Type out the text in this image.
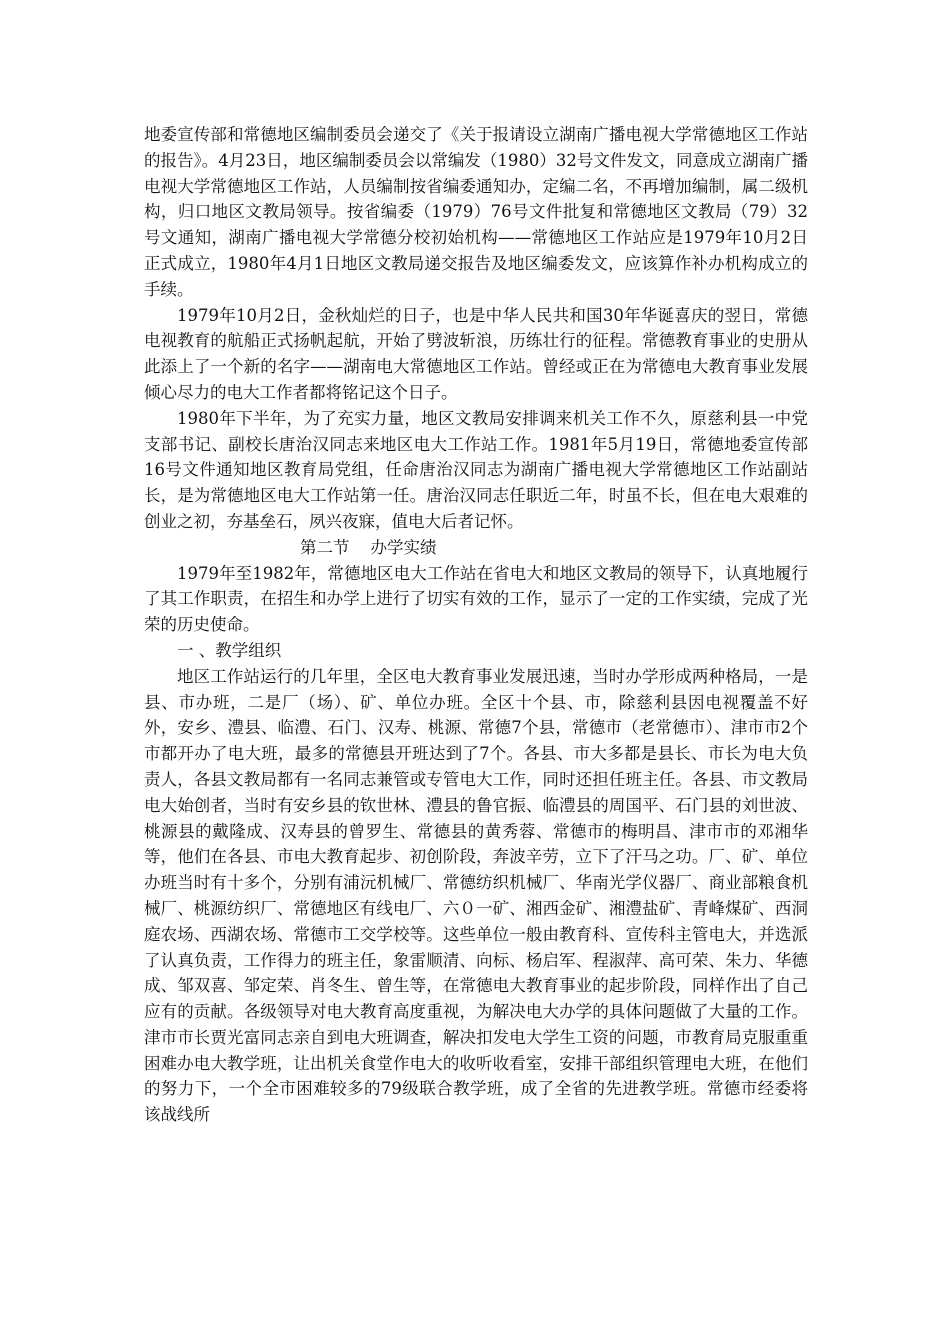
地委宣传部和常德地区编制委员会递交了《关于报请设立湖南广播电视大学常德地区工作站的报告》。4月23日，地区编制委员会以常编发（1980）32号文件发文，同意成立湖南广播电视大学常德地区工作站，人员编制按省编委通知办，定编二名，不再增加编制，属二级机构，归口地区文教局领导。按省编委（1979）76号文件批复和常德地区文教局（79）32号文通知，湖南广播电视大学常德分校初始机构——常德地区工作站应是1979年10月2日正式成立，1980年4月1日地区文教局递交报告及地区编委发文，应该算作补办机构成立的手续。

1979年10月2日，金秋灿烂的日子，也是中华人民共和国30年华诞喜庆的翌日，常德电视教育的航船正式扬帆起航，开始了劈波斩浪，历练壮行的征程。常德教育事业的史册从此添上了一个新的名字——湖南电大常德地区工作站。曾经或正在为常德电大教育事业发展倾心尽力的电大工作者都将铭记这个日子。

1980年下半年，为了充实力量，地区文教局安排调来机关工作不久，原慈利县一中党支部书记、副校长唐治汉同志来地区电大工作站工作。1981年5月19日，常德地委宣传部16号文件通知地区教育局党组，任命唐治汉同志为湖南广播电视大学常德地区工作站副站长，是为常德地区电大工作站第一任。唐治汉同志任职近二年，时虽不长，但在电大艰难的创业之初，夯基垒石，夙兴夜寐，值电大后者记怀。

第二节    办学实绩

1979年至1982年，常德地区电大工作站在省电大和地区文教局的领导下，认真地履行了其工作职责，在招生和办学上进行了切实有效的工作，显示了一定的工作实绩，完成了光荣的历史使命。

一 、教学组织

地区工作站运行的几年里，全区电大教育事业发展迅速，当时办学形成两种格局，一是县、市办班，二是厂（场）、矿、单位办班。全区十个县、市，除慈利县因电视覆盖不好外，安乡、澧县、临澧、石门、汉寿、桃源、常德7个县，常德市（老常德市）、津市市2个 市都开办了电大班，最多的常德县开班达到了7个。各县、市大多都是县长、市长为电大负责人，各县文教局都有一名同志兼管或专管电大工作，同时还担任班主任。各县、市文教局电大始创者，当时有安乡县的钦世林、澧县的鲁官振、临澧县的周国平、石门县的刘世波、桃源县的戴隆成、汉寿县的曾罗生、常德县的黄秀蓉、常德市的梅明昌、津市市的邓湘华等，他们在各县、市电大教育起步、初创阶段，奔波辛劳，立下了汗马之功。厂、矿、单位办班当时有十多个，分别有浦沅机械厂、常德纺织机械厂、华南光学仪器厂、商业部粮食机械厂、桃源纺织厂、常德地区有线电厂、六０一矿、湘西金矿、湘澧盐矿、青峰煤矿、西洞庭农场、西湖农场、常德市工交学校等。这些单位一般由教育科、宣传科主管电大，并选派了认真负责，工作得力的班主任，象雷顺清、向标、杨启军、程淑萍、高可荣、朱力、华德成、邹双喜、邹定荣、肖冬生、曾生等，在常德电大教育事业的起步阶段，同样作出了自己应有的贡献。各级领导对电大教育高度重视，为解决电大办学的具体问题做了大量的工作。津市市长贾光富同志亲自到电大班调查，解决扣发电大学生工资的问题，市教育局克服重重困难办电大教学班，让出机关食堂作电大的收听收看室，安排干部组织管理电大班，在他们的努力下，一个全市困难较多的79级联合教学班，成了全省的先进教学班。常德市经委将该战线所
